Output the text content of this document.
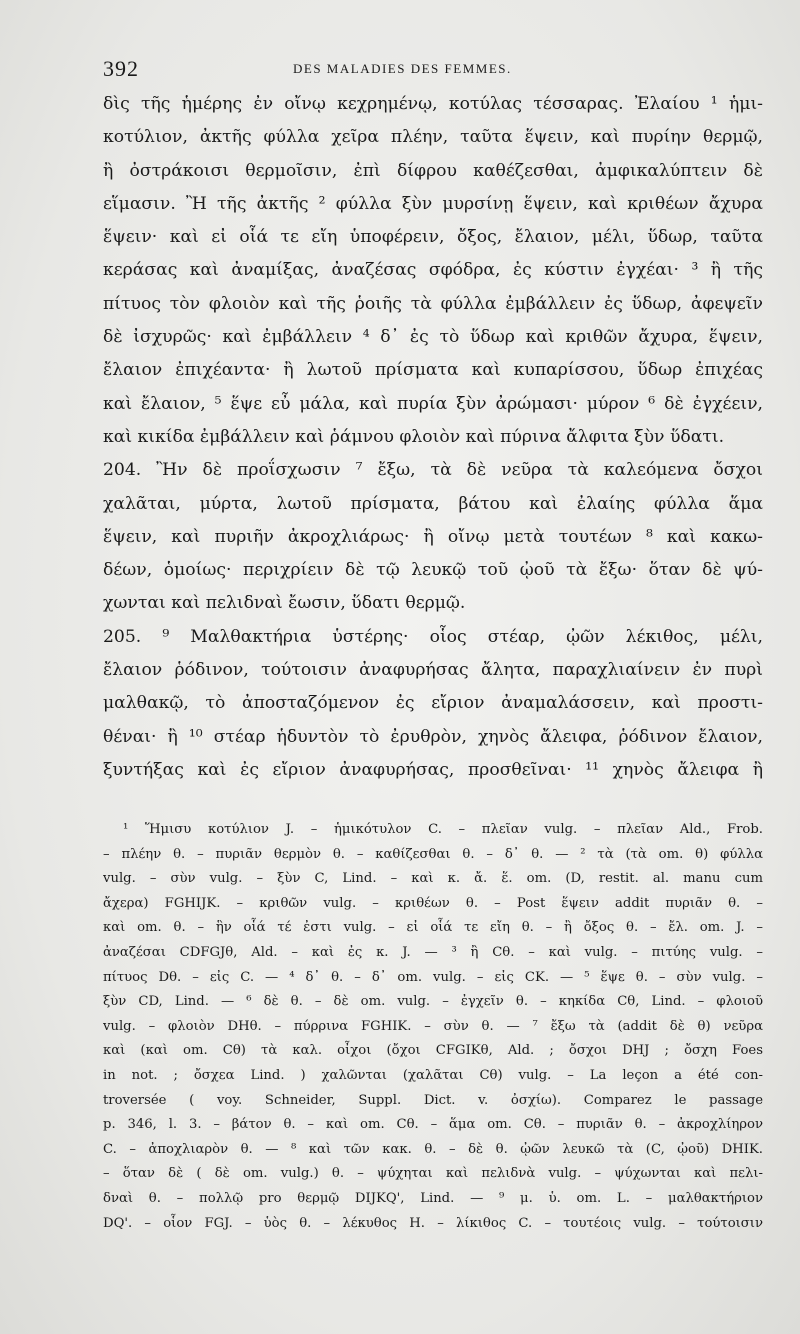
392	DES MALADIES DES FEMMES.
δὶς τῆς ἡμέρης ἐν οἴνῳ κεχρημένῳ, κοτύλας τέσσαρας. Ἐλαίου ¹ ἡμι-
κοτύλιον, ἀκτῆς φύλλα χεῖρα πλέην, ταῦτα ἕψειν, καὶ πυρίην θερμῷ,
ἢ ὀστράκοισι θερμοῖσιν, ἐπὶ δίφρου καθέζεσθαι, ἀμφικαλύπτειν δὲ
εἵμασιν. Ἢ τῆς ἀκτῆς ² φύλλα ξὺν μυρσίνῃ ἕψειν, καὶ κριθέων ἄχυρα
ἕψειν· καὶ εἰ οἷά τε εἴη ὑποφέρειν, ὄξος, ἔλαιον, μέλι, ὕδωρ, ταῦτα
κεράσας καὶ ἀναμίξας, ἀναζέσας σφόδρα, ἐς κύστιν ἐγχέαι· ³ ἢ τῆς
πίτυος τὸν φλοιὸν καὶ τῆς ῥοιῆς τὰ φύλλα ἐμβάλλειν ἐς ὕδωρ, ἀφεψεῖν
δὲ ἰσχυρῶς· καὶ ἐμβάλλειν ⁴ δ᾽ ἐς τὸ ὕδωρ καὶ κριθῶν ἄχυρα, ἕψειν,
ἔλαιον ἐπιχέαντα· ἢ λωτοῦ πρίσματα καὶ κυπαρίσσου, ὕδωρ ἐπιχέας
καὶ ἔλαιον, ⁵ ἕψε εὖ μάλα, καὶ πυρία ξὺν ἀρώμασι· μύρον ⁶ δὲ ἐγχέειν,
καὶ κικίδα ἐμβάλλειν καὶ ῥάμνου φλοιὸν καὶ πύρινα ἄλφιτα ξὺν ὕδατι.
204. Ἢν δὲ προΐσχωσιν ⁷ ἔξω, τὰ δὲ νεῦρα τὰ καλεόμενα ὄσχοι
χαλᾶται, μύρτα, λωτοῦ πρίσματα, βάτου καὶ ἐλαίης φύλλα ἅμα
ἕψειν, καὶ πυριῆν ἀκροχλιάρως· ἢ οἴνῳ μετὰ τουτέων ⁸ καὶ κακω-
δέων, ὁμοίως· περιχρίειν δὲ τῷ λευκῷ τοῦ ᾠοῦ τὰ ἔξω· ὅταν δὲ ψύ-
χωνται καὶ πελιδναὶ ἔωσιν, ὕδατι θερμῷ.
205. ⁹ Μαλθακτήρια ὑστέρης· οἷος στέαρ, ᾠῶν λέκιθος, μέλι,
ἔλαιον ῥόδινον, τούτοισιν ἀναφυρήσας ἄλητα, παραχλιαίνειν ἐν πυρὶ
μαλθακῷ, τὸ ἀποσταζόμενον ἐς εἴριον ἀναμαλάσσειν, καὶ προστι-
θέναι· ἢ ¹⁰ στέαρ ἡδυντὸν τὸ ἐρυθρὸν, χηνὸς ἄλειφα, ῥόδινον ἔλαιον,
ξυντήξας καὶ ἐς εἴριον ἀναφυρήσας, προσθεῖναι· ¹¹ χηνὸς ἄλειφα ἢ
¹ Ἥμισυ κοτύλιον J. – ἡμικότυλον C. – πλεῖαν vulg. – πλεῖαν Ald., Frob.
– πλέην θ. – πυριᾶν θερμὸν θ. – καθίζεσθαι θ. – δ᾽ θ. — ² τὰ (τὰ om. θ) φύλλα
vulg. – σὺν vulg. – ξὺν C, Lind. – καὶ κ. ἄ. ἕ. om. (D, restit. al. manu cum
ἄχερα) FGHIJK. – κριθῶν vulg. – κριθέων θ. – Post ἕψειν addit πυριᾶν θ. –
καὶ om. θ. – ἣν οἷά τέ ἐστι vulg. – εἰ οἷά τε εἴη θ. – ἢ ὄξος θ. – ἔλ. om. J. –
ἀναζέσαι CDFGJθ, Ald. – καὶ ἐς κ. J. — ³ ἢ Cθ. – καὶ vulg. – πιτύης vulg. –
πίτυος Dθ. – εἰς C. — ⁴ δ᾽ θ. – δ᾽ om. vulg. – εἰς CK. — ⁵ ἕψε θ. – σὺν vulg. –
ξὺν CD, Lind. — ⁶ δὲ θ. – δὲ om. vulg. – ἐγχεῖν θ. – κηκίδα Cθ, Lind. – φλοιοῦ
vulg. – φλοιὸν DHθ. – πύρρινα FGHIK. – σὺν θ. — ⁷ ἔξω τὰ (addit δὲ θ) νεῦρα
καὶ (καὶ om. Cθ) τὰ καλ. οἶχοι (ὄχοι CFGIKθ, Ald. ; ὄσχοι DHJ ; ὄσχη Foes
in not. ; ὄσχεα Lind. ) χαλῶνται (χαλᾶται Cθ) vulg. – La leçon a été con-
troversée ( voy. Schneider, Suppl. Dict. v. ὀσχίω). Comparez le passage
p. 346, l. 3. – βάτον θ. – καὶ om. Cθ. – ἅμα om. Cθ. – πυριᾶν θ. – ἀκροχλίηρον
C. – ἀποχλιαρὸν θ. — ⁸ καὶ τῶν κακ. θ. – δὲ θ. ᾠῶν λευκῶ τὰ (C, ᾠοῦ) DHIK.
– ὅταν δὲ ( δὲ om. vulg.) θ. – ψύχηται καὶ πελιδνὰ vulg. – ψύχωνται καὶ πελι-
δναὶ θ. – πολλῷ pro θερμῷ DIJKQ', Lind. — ⁹ μ. ὑ. om. L. – μαλθακτήριον
DQ'. – οἷον FGJ. – ὑὸς θ. – λέκυθος H. – λίκιθος C. – τουτέοις vulg. – τούτοισιν
